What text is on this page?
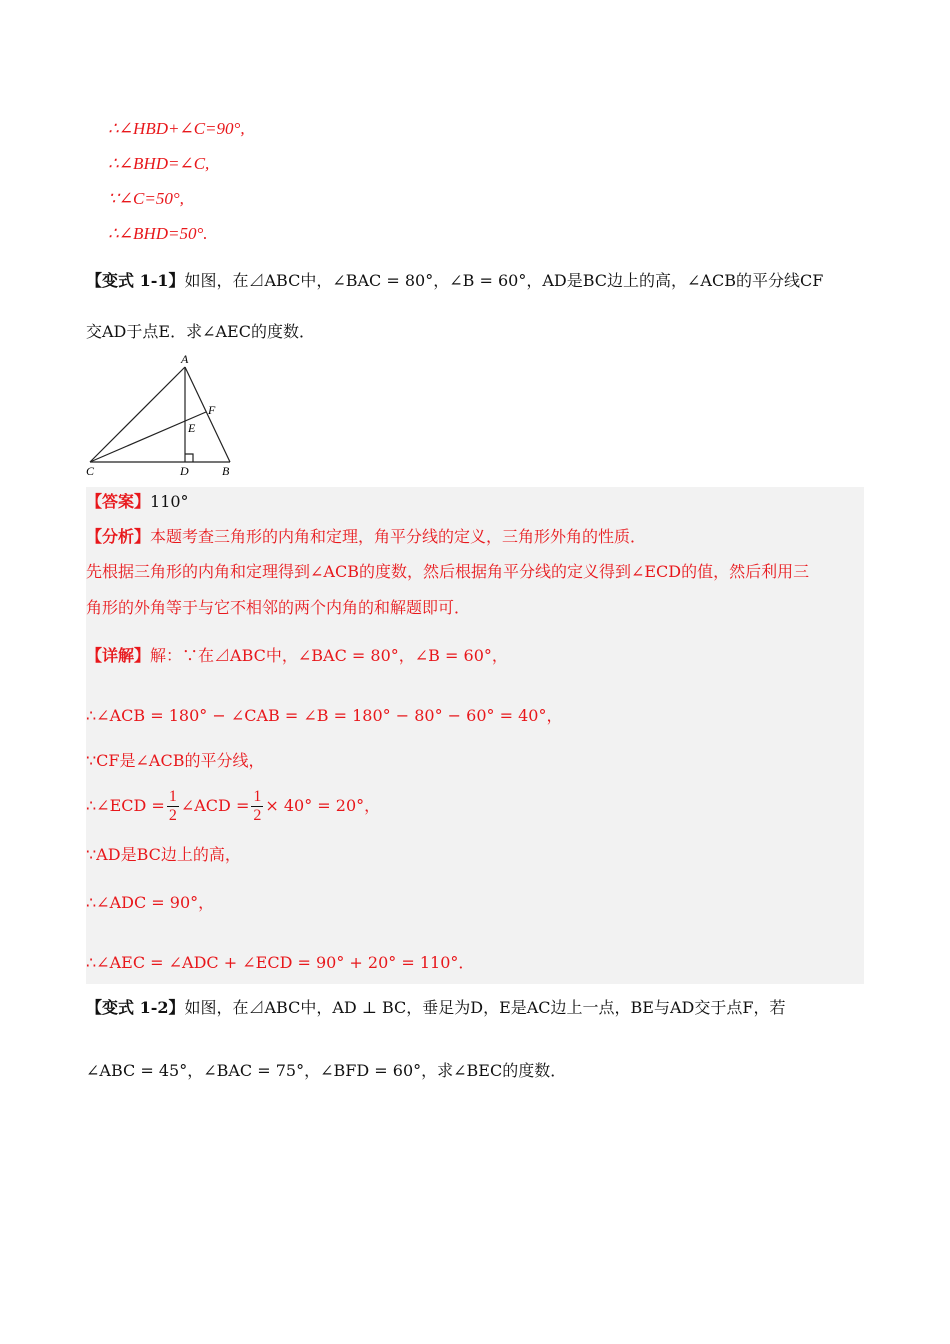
∴∠HBD+∠C=90°,
∴∠BHD=∠C,
∵∠C=50°,
∴∠BHD=50°.
【变式 1-1】如图，在⊿ABC中，∠BAC = 80°，∠B = 60°，AD是BC边上的高，∠ACB的平分线CF
交AD于点E．求∠AEC的度数．
A
F
E
C	D	B
【答案】110°
【分析】本题考查三角形的内角和定理，角平分线的定义，三角形外角的性质．
先根据三角形的内角和定理得到∠ACB的度数，然后根据角平分线的定义得到∠ECD的值，然后利用三
角形的外角等于与它不相邻的两个内角的和解题即可．
【详解】解：∵在⊿ABC中，∠BAC = 80°，∠B = 60°，
∴∠ACB = 180° − ∠CAB = ∠B = 180° − 80° − 60° = 40°，
∵CF是∠ACB的平分线，
∴∠ECD = $\frac{1}{2}$ ∠ACD = $\frac{1}{2} \times 40^\circ = 20^\circ$，
∵AD是BC边上的高，
∴∠ADC = 90°，
∴∠AEC = ∠ADC + ∠ECD = 90° + 20° = 110°．
【变式 1-2】如图，在⊿ABC中，AD ⊥ BC，垂足为D，E是AC边上一点，BE与AD交于点F，若
∠ABC = 45°，∠BAC = 75°，∠BFD = 60°，求∠BEC的度数．
